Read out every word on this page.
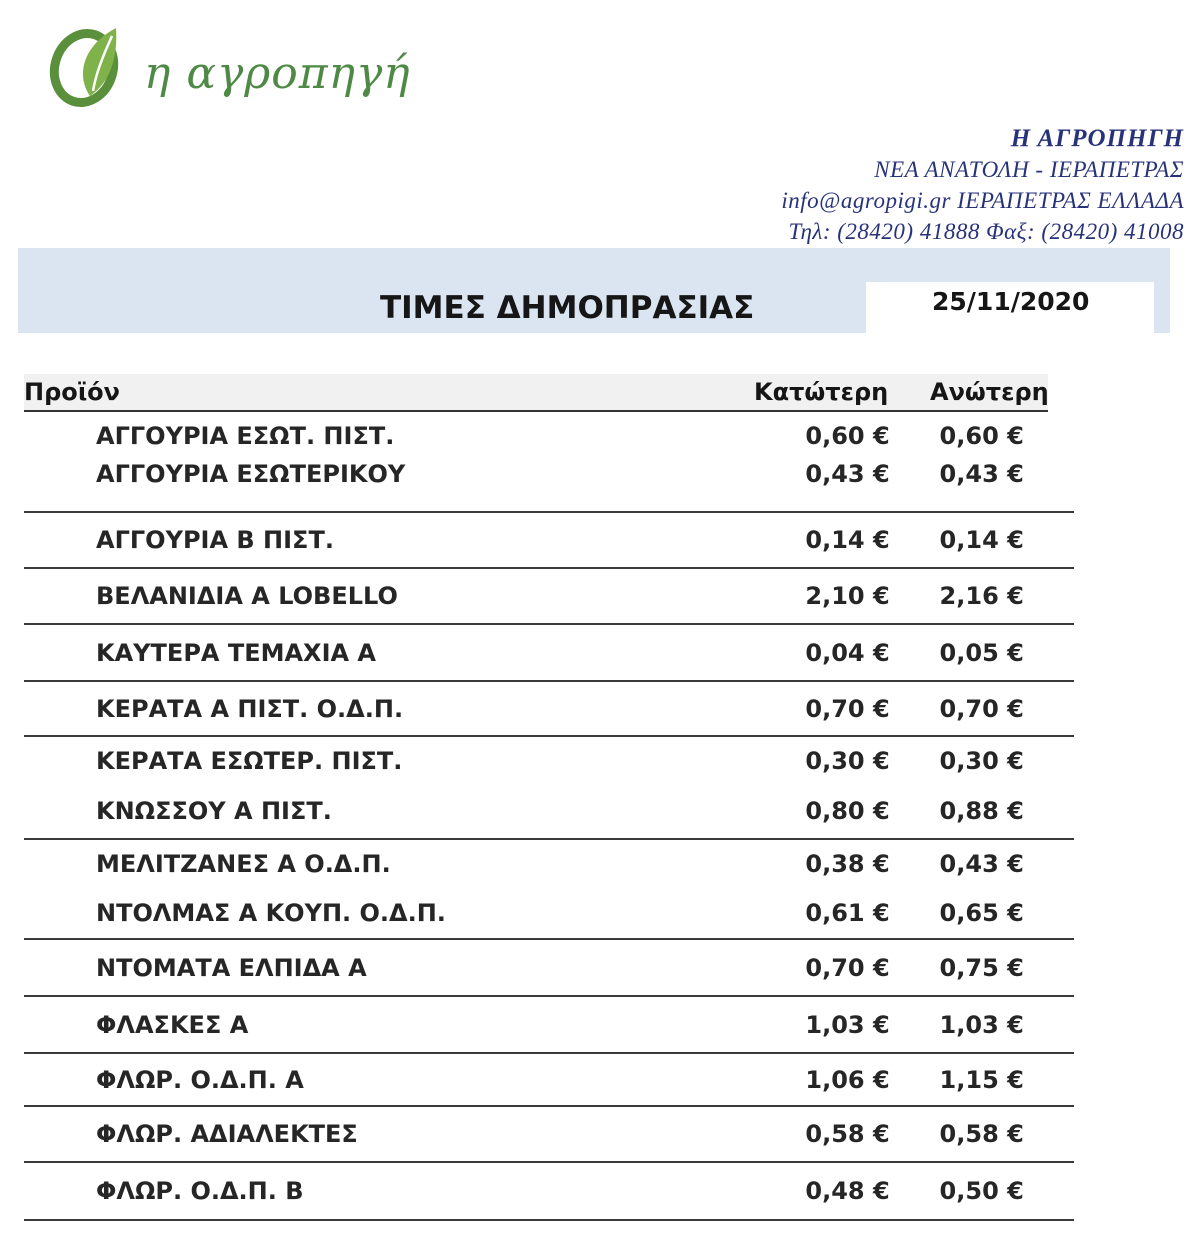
η αγροπηγή
Η ΑΓΡΟΠΗΓΗ
ΝΕΑ ΑΝΑΤΟΛΗ - ΙΕΡΑΠΕΤΡΑΣ
info@agropigi.gr ΙΕΡΑΠΕΤΡΑΣ ΕΛΛΑΔΑ
Τηλ: (28420) 41888 Φαξ: (28420) 41008
ΤΙΜΕΣ ΔΗΜΟΠΡΑΣΙΑΣ	25/11/2020
Προϊόν	Κατώτερη Ανώτερη
ΑΓΓΟΥΡΙΑ ΕΣΩΤ. ΠΙΣΤ.	0,60 €	0,60 €	
ΑΓΓΟΥΡΙΑ ΕΣΩΤΕΡΙΚΟΥ	0,43 €	0,43 €	
ΑΓΓΟΥΡΙΑ Β ΠΙΣΤ.	0,14 €	0,14 €	
ΒΕΛΑΝΙΔΙΑ Α LOBELLO	2,10 €	2,16 €	
ΚΑΥΤΕΡΑ ΤΕΜΑΧΙΑ Α	0,04 €	0,05 €	
ΚΕΡΑΤΑ Α ΠΙΣΤ. Ο.Δ.Π.	0,70 €	0,70 €	
ΚΕΡΑΤΑ ΕΣΩΤΕΡ. ΠΙΣΤ.	0,30 €	0,30 €	
ΚΝΩΣΣΟΥ Α ΠΙΣΤ.	0,80 €	0,88 €	
ΜΕΛΙΤΖΑΝΕΣ Α Ο.Δ.Π.	0,38 €	0,43 €	
ΝΤΟΛΜΑΣ Α ΚΟΥΠ. Ο.Δ.Π.	0,61 €	0,65 €	
ΝΤΟΜΑΤΑ ΕΛΠΙΔΑ Α	0,70 €	0,75 €	
ΦΛΑΣΚΕΣ Α	1,03 €	1,03 €	
ΦΛΩΡ. Ο.Δ.Π. Α	1,06 €	1,15 €	
ΦΛΩΡ. ΑΔΙΑΛΕΚΤΕΣ	0,58 €	0,58 €	
ΦΛΩΡ. Ο.Δ.Π. Β	0,48 €	0,50 €	
